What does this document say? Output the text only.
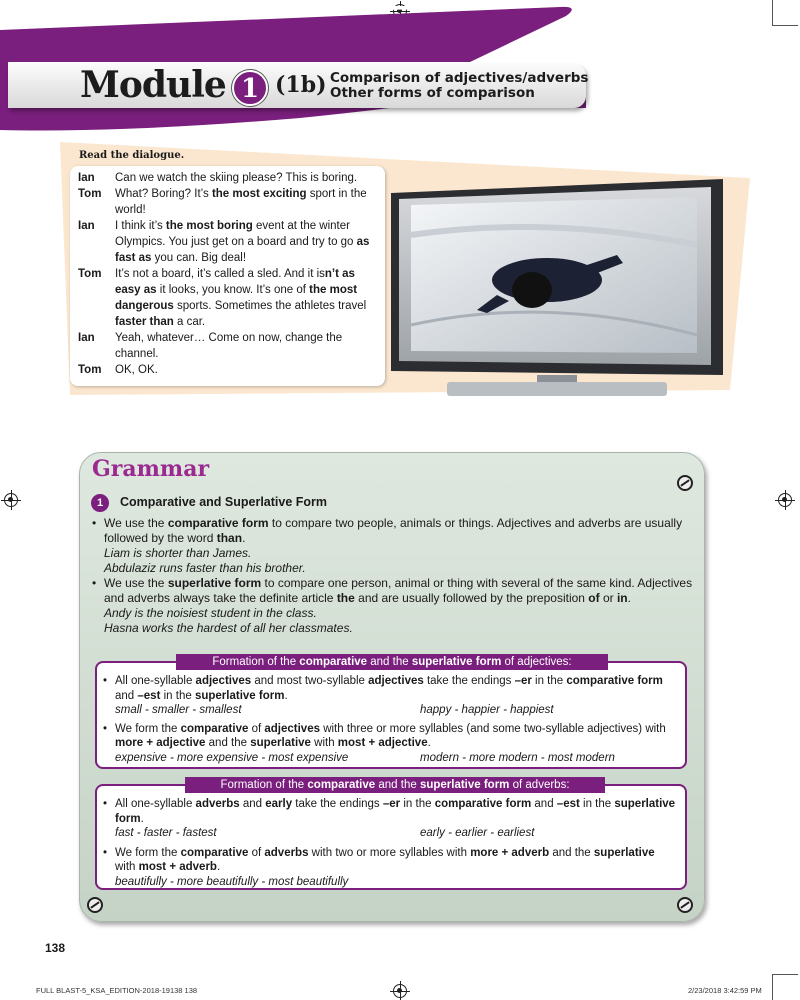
Module 1 (1b) Comparison of adjectives/adverbs
Other forms of comparison
Read the dialogue.
Ian	Can we watch the skiing please? This is boring.
Tom	What? Boring? It’s the most exciting sport in the world!
Ian	I think it’s the most boring event at the winter Olympics. You just get on a board and try to go as fast as you can. Big deal!
Tom	It’s not a board, it’s called a sled. And it isn’t as easy as it looks, you know. It’s one of the most dangerous sports. Sometimes the athletes travel faster than a car.
Ian	Yeah, whatever… Come on now, change the channel.
Tom	OK, OK.
Grammar
1	Comparative and Superlative Form
• We use the comparative form to compare two people, animals or things. Adjectives and adverbs are usually followed by the word than.
Liam is shorter than James.
Abdulaziz runs faster than his brother.
• We use the superlative form to compare one person, animal or thing with several of the same kind. Adjectives and adverbs always take the definite article the and are usually followed by the preposition of or in.
Andy is the noisiest student in the class.
Hasna works the hardest of all her classmates.
Formation of the comparative and the superlative form of adjectives:
• All one-syllable adjectives and most two-syllable adjectives take the endings –er in the comparative form and –est in the superlative form.
small - smaller - smallest	happy - happier - happiest
• We form the comparative of adjectives with three or more syllables (and some two-syllable adjectives) with more + adjective and the superlative with most + adjective.
expensive - more expensive - most expensive	modern - more modern - most modern
Formation of the comparative and the superlative form of adverbs:
• All one-syllable adverbs and early take the endings –er in the comparative form and –est in the superlative form.
fast - faster - fastest	early - earlier - earliest
• We form the comparative of adverbs with two or more syllables with more + adverb and the superlative with most + adverb.
beautifully - more beautifully - most beautifully
138
FULL BLAST-5_KSA_EDITION-2018-19138 138	2/23/2018 3:42:59 PM
